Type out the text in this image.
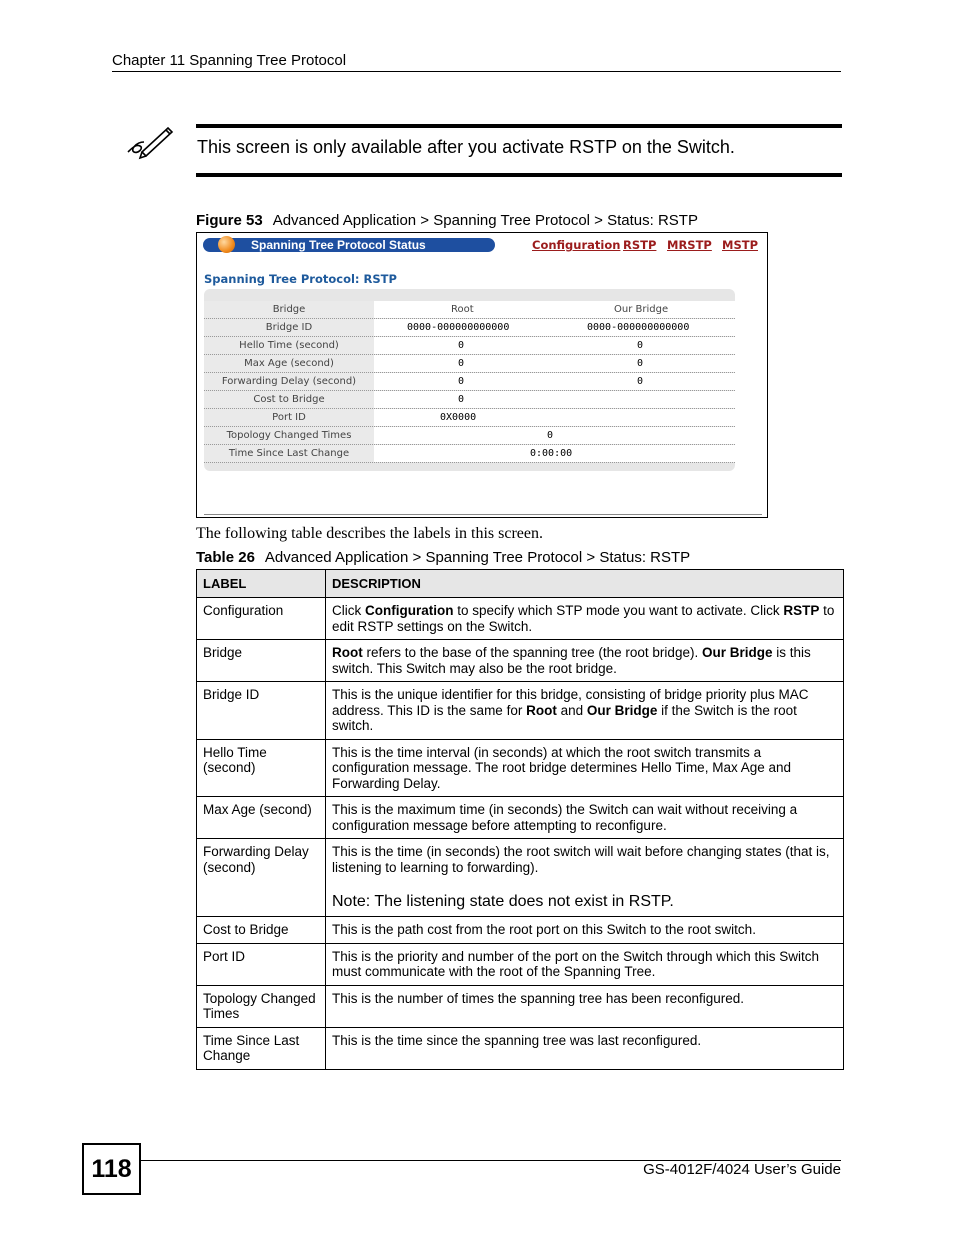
Chapter 11 Spanning Tree Protocol
This screen is only available after you activate RSTP on the Switch.
Figure 53 Advanced Application > Spanning Tree Protocol > Status: RSTP
Spanning Tree Protocol Status	Configuration RSTP MRSTP MSTP
Spanning Tree Protocol: RSTP
Bridge	Root	Our Bridge
Bridge ID	0000-000000000000	0000-000000000000
Hello Time (second)	0	0
Max Age (second)	0	0
Forwarding Delay (second)	0	0
Cost to Bridge	0
Port ID	0X0000
Topology Changed Times	0
Time Since Last Change	0:00:00
The following table describes the labels in this screen.
Table 26 Advanced Application > Spanning Tree Protocol > Status: RSTP
LABEL	DESCRIPTION
Configuration	Click Configuration to specify which STP mode you want to activate. Click RSTP to edit RSTP settings on the Switch.
Bridge	Root refers to the base of the spanning tree (the root bridge). Our Bridge is this switch. This Switch may also be the root bridge.
Bridge ID	This is the unique identifier for this bridge, consisting of bridge priority plus MAC address. This ID is the same for Root and Our Bridge if the Switch is the root switch.
Hello Time (second)	This is the time interval (in seconds) at which the root switch transmits a configuration message. The root bridge determines Hello Time, Max Age and Forwarding Delay.
Max Age (second)	This is the maximum time (in seconds) the Switch can wait without receiving a configuration message before attempting to reconfigure.
Forwarding Delay (second)	This is the time (in seconds) the root switch will wait before changing states (that is, listening to learning to forwarding).
Note: The listening state does not exist in RSTP.

Cost to Bridge	This is the path cost from the root port on this Switch to the root switch.
Port ID	This is the priority and number of the port on the Switch through which this Switch must communicate with the root of the Spanning Tree.
Topology Changed Times	This is the number of times the spanning tree has been reconfigured.
Time Since Last Change	This is the time since the spanning tree was last reconfigured.
118	GS-4012F/4024 User’s Guide
